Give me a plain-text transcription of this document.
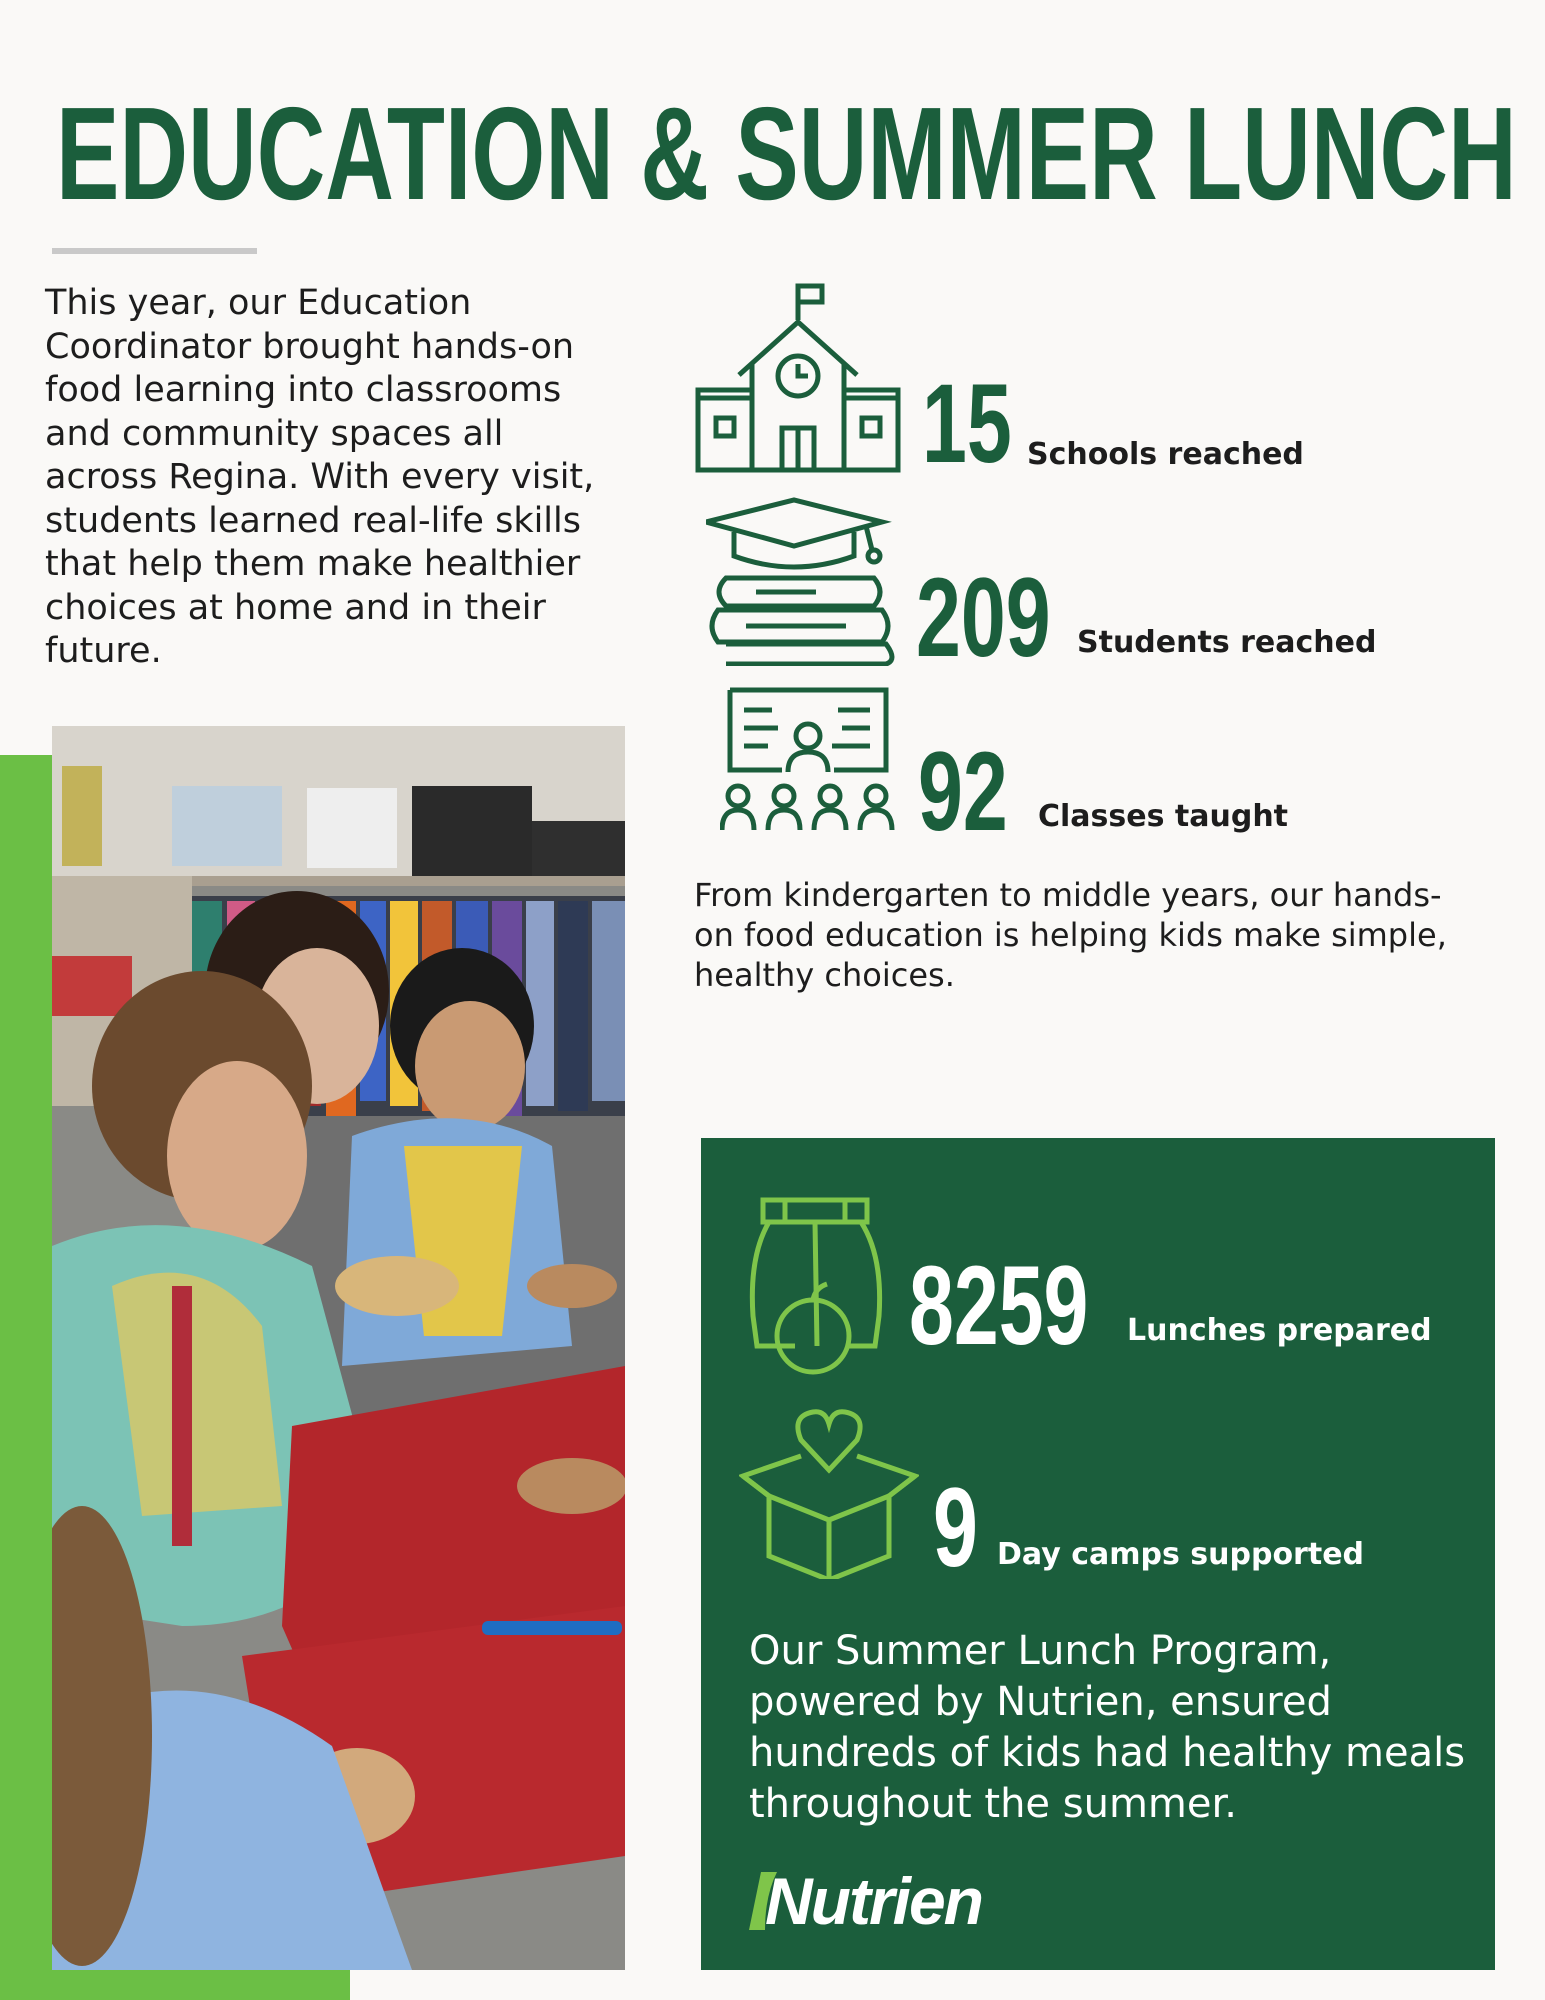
EDUCATION & SUMMER LUNCH

This year, our Education Coordinator brought hands-on food learning into classrooms and community spaces all across Regina. With every visit, students learned real-life skills that help them make healthier choices at home and in their future.

15 Schools reached
209 Students reached
92 Classes taught

From kindergarten to middle years, our hands-on food education is helping kids make simple, healthy choices.

8259 Lunches prepared
9 Day camps supported

Our Summer Lunch Program, powered by Nutrien, ensured hundreds of kids had healthy meals throughout the summer.

Nutrien
